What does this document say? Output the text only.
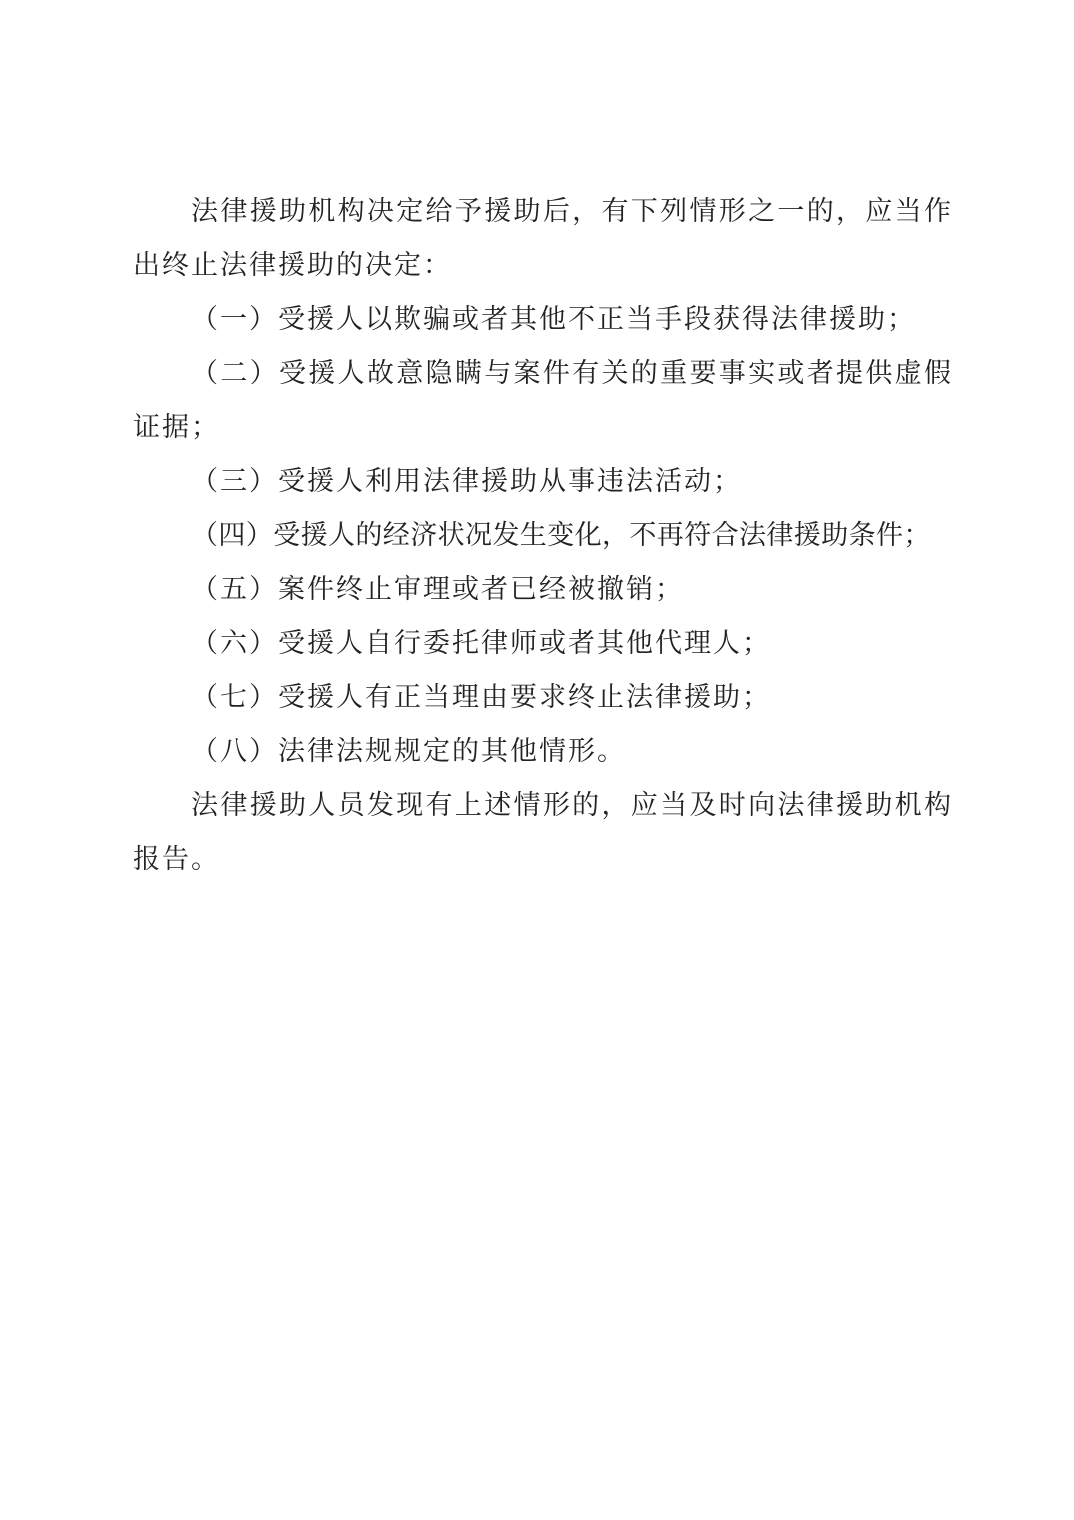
法律援助机构决定给予援助后，有下列情形之一的，应当作出终止法律援助的决定：

（一）受援人以欺骗或者其他不正当手段获得法律援助；

（二）受援人故意隐瞒与案件有关的重要事实或者提供虚假证据；

（三）受援人利用法律援助从事违法活动；

（四）受援人的经济状况发生变化，不再符合法律援助条件；

（五）案件终止审理或者已经被撤销；

（六）受援人自行委托律师或者其他代理人；

（七）受援人有正当理由要求终止法律援助；

（八）法律法规规定的其他情形。

法律援助人员发现有上述情形的，应当及时向法律援助机构报告。
